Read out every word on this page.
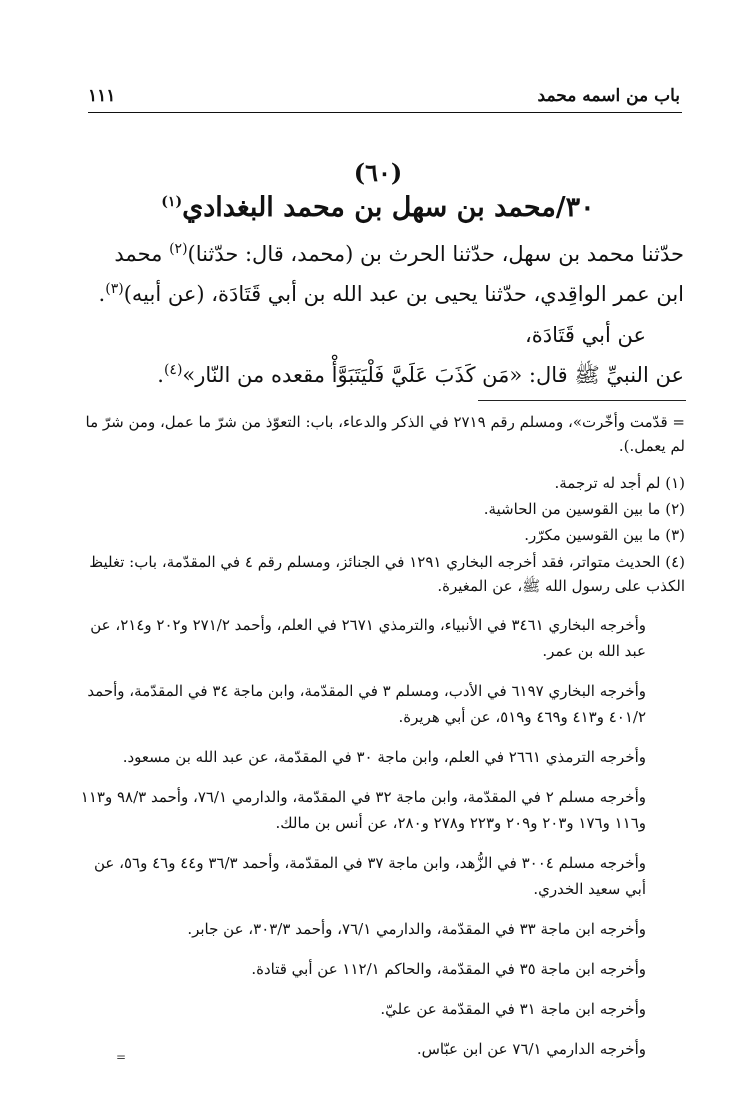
باب من اسمه محمد
١١١
(٦٠)
٣٠/محمد بن سهل بن محمد البغدادي$^{(١)}$
حدّثنا محمد بن سهل، حدّثنا الحرث بن (محمد، قال: حدّثنا)$^{(٢)}$ محمد
ابن عمر الواقِدي، حدّثنا يحيى بن عبد الله بن أبي قَتَادَة، (عن أبيه)$^{(٣)}$.
عن أبي قَتَادَة،
عن النبيِّ ﷺ قال: «مَن كَذَبَ عَلَيَّ فَلْيَتَبَوَّأْ مقعده من النّار»$^{(٤)}$.
= قدّمت وأخّرت»، ومسلم رقم ٢٧١٩ في الذكر والدعاء، باب: التعوّذ من شرّ ما عمل، ومن شرّ ما لم يعمل.).
(١) لم أجد له ترجمة.
(٢) ما بين القوسين من الحاشية.
(٣) ما بين القوسين مكرّر.
(٤) الحديث متواتر، فقد أخرجه البخاري ١٢٩١ في الجنائز، ومسلم رقم ٤ في المقدّمة، باب: تغليظ الكذب على رسول الله ﷺ، عن المغيرة.
وأخرجه البخاري ٣٤٦١ في الأنبياء، والترمذي ٢٦٧١ في العلم، وأحمد ٢٧١/٢ و٢٠٢ و٢١٤، عن عبد الله بن عمر.
وأخرجه البخاري ٦١٩٧ في الأدب، ومسلم ٣ في المقدّمة، وابن ماجة ٣٤ في المقدّمة، وأحمد ٤٠١/٢ و٤١٣ و٤٦٩ و٥١٩، عن أبي هريرة.
وأخرجه الترمذي ٢٦٦١ في العلم، وابن ماجة ٣٠ في المقدّمة، عن عبد الله بن مسعود.
وأخرجه مسلم ٢ في المقدّمة، وابن ماجة ٣٢ في المقدّمة، والدارمي ٧٦/١، وأحمد ٩٨/٣ و١١٣ و١١٦ و١٧٦ و٢٠٣ و٢٠٩ و٢٢٣ و٢٧٨ و٢٨٠، عن أنس بن مالك.
وأخرجه مسلم ٣٠٠٤ في الزُّهد، وابن ماجة ٣٧ في المقدّمة، وأحمد ٣٦/٣ و٤٤ و٤٦ و٥٦، عن أبي سعيد الخدري.
وأخرجه ابن ماجة ٣٣ في المقدّمة، والدارمي ٧٦/١، وأحمد ٣٠٣/٣، عن جابر.
وأخرجه ابن ماجة ٣٥ في المقدّمة، والحاكم ١١٢/١ عن أبي قتادة.
وأخرجه ابن ماجة ٣١ في المقدّمة عن عليّ.
وأخرجه الدارمي ٧٦/١ عن ابن عبّاس.
=
